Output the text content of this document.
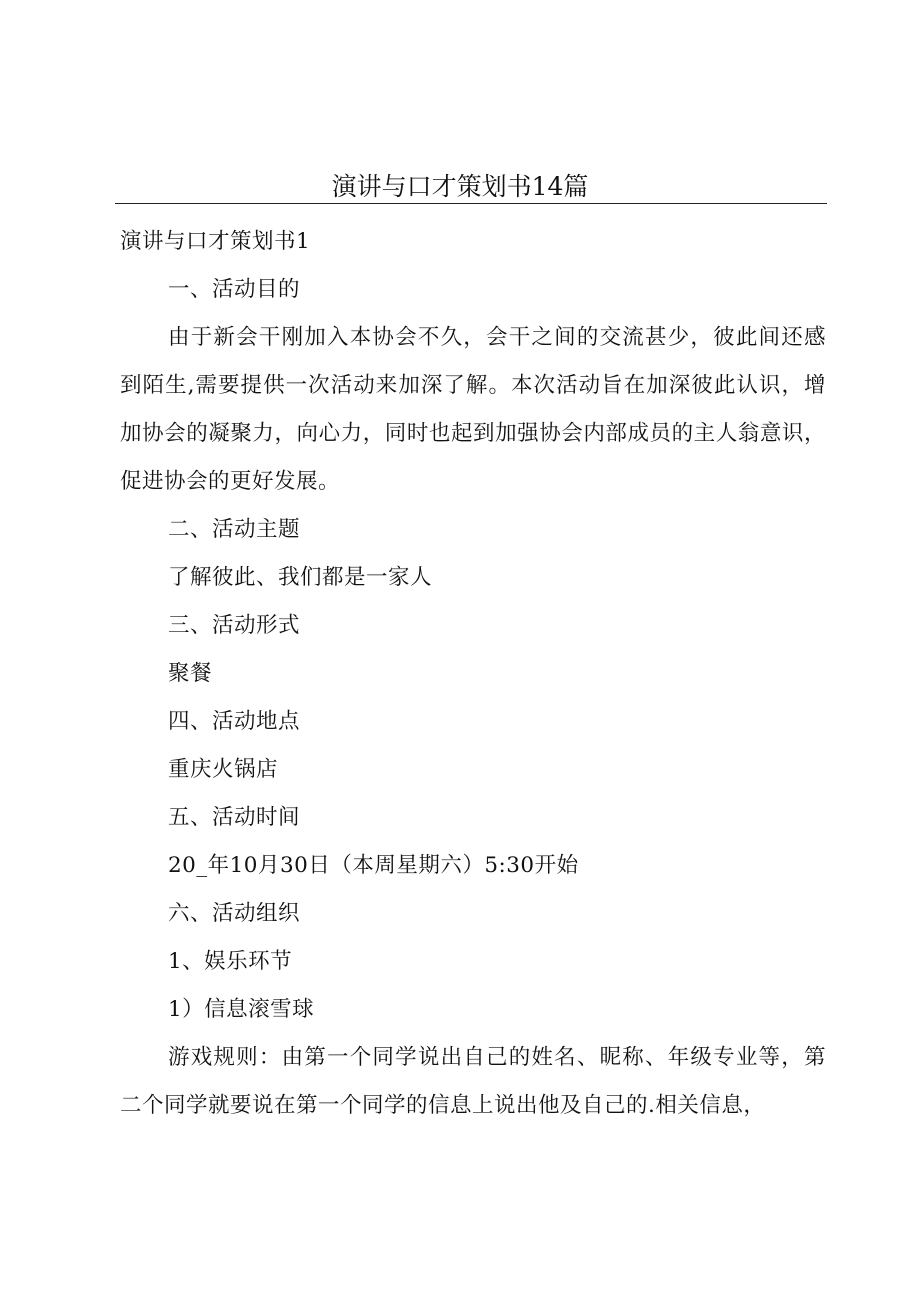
演讲与口才策划书14篇

演讲与口才策划书1

一、活动目的

由于新会干刚加入本协会不久，会干之间的交流甚少，彼此间还感到陌生,需要提供一次活动来加深了解。本次活动旨在加深彼此认识，增加协会的凝聚力，向心力，同时也起到加强协会内部成员的主人翁意识，促进协会的更好发展。

二、活动主题

了解彼此、我们都是一家人

三、活动形式

聚餐

四、活动地点

重庆火锅店

五、活动时间

20_年10月30日（本周星期六）5:30开始

六、活动组织

1、娱乐环节

1）信息滚雪球

游戏规则：由第一个同学说出自己的姓名、昵称、年级专业等，第二个同学就要说在第一个同学的信息上说出他及自己的.相关信息，
